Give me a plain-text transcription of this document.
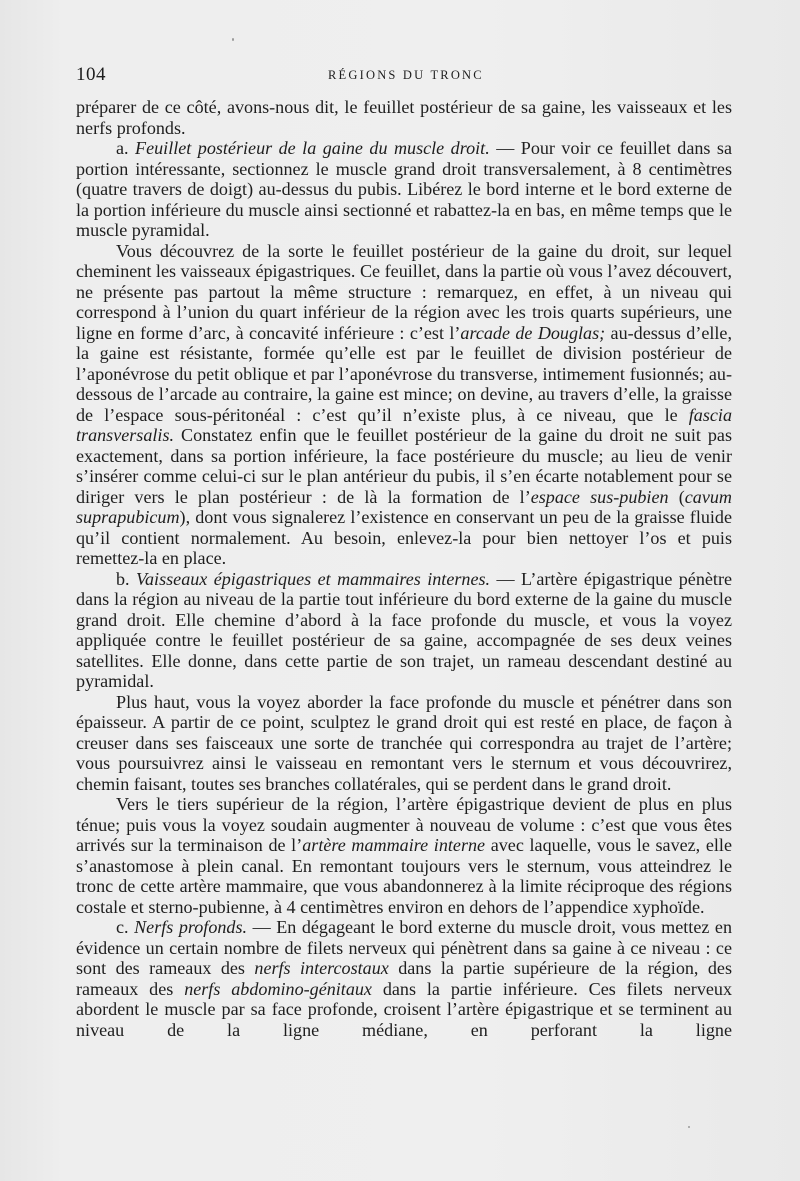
104	RÉGIONS DU TRONC

préparer de ce côté, avons-nous dit, le feuillet postérieur de sa gaine, les vaisseaux et les nerfs profonds.

a. Feuillet postérieur de la gaine du muscle droit. — Pour voir ce feuillet dans sa portion intéressante, sectionnez le muscle grand droit transversalement, à 8 centimètres (quatre travers de doigt) au-dessus du pubis. Libérez le bord interne et le bord externe de la portion inférieure du muscle ainsi sectionné et rabattez-la en bas, en même temps que le muscle pyramidal.

Vous découvrez de la sorte le feuillet postérieur de la gaine du droit, sur lequel cheminent les vaisseaux épigastriques. Ce feuillet, dans la partie où vous l’avez découvert, ne présente pas partout la même structure : remarquez, en effet, à un niveau qui correspond à l’union du quart inférieur de la région avec les trois quarts supérieurs, une ligne en forme d’arc, à concavité inférieure : c’est l’arcade de Douglas; au-dessus d’elle, la gaine est résistante, formée qu’elle est par le feuillet de division postérieur de l’aponévrose du petit oblique et par l’aponévrose du transverse, intimement fusionnés; au-dessous de l’arcade au contraire, la gaine est mince; on devine, au travers d’elle, la graisse de l’espace sous-péritonéal : c’est qu’il n’existe plus, à ce niveau, que le fascia transversalis. Constatez enfin que le feuillet postérieur de la gaine du droit ne suit pas exactement, dans sa portion inférieure, la face postérieure du muscle; au lieu de venir s’insérer comme celui-ci sur le plan antérieur du pubis, il s’en écarte notablement pour se diriger vers le plan postérieur : de là la formation de l’espace sus-pubien (cavum suprapubicum), dont vous signalerez l’existence en conservant un peu de la graisse fluide qu’il contient normalement. Au besoin, enlevez-la pour bien nettoyer l’os et puis remettez-la en place.

b. Vaisseaux épigastriques et mammaires internes. — L’artère épigastrique pénètre dans la région au niveau de la partie tout inférieure du bord externe de la gaine du muscle grand droit. Elle chemine d’abord à la face profonde du muscle, et vous la voyez appliquée contre le feuillet postérieur de sa gaine, accompagnée de ses deux veines satellites. Elle donne, dans cette partie de son trajet, un rameau descendant destiné au pyramidal.

Plus haut, vous la voyez aborder la face profonde du muscle et pénétrer dans son épaisseur. A partir de ce point, sculptez le grand droit qui est resté en place, de façon à creuser dans ses faisceaux une sorte de tranchée qui correspondra au trajet de l’artère; vous poursuivrez ainsi le vaisseau en remontant vers le sternum et vous découvrirez, chemin faisant, toutes ses branches collatérales, qui se perdent dans le grand droit.

Vers le tiers supérieur de la région, l’artère épigastrique devient de plus en plus ténue; puis vous la voyez soudain augmenter à nouveau de volume : c’est que vous êtes arrivés sur la terminaison de l’artère mammaire interne avec laquelle, vous le savez, elle s’anastomose à plein canal. En remontant toujours vers le sternum, vous atteindrez le tronc de cette artère mammaire, que vous abandonnerez à la limite réciproque des régions costale et sterno-pubienne, à 4 centimètres environ en dehors de l’appendice xyphoïde.

c. Nerfs profonds. — En dégageant le bord externe du muscle droit, vous mettez en évidence un certain nombre de filets nerveux qui pénètrent dans sa gaine à ce niveau : ce sont des rameaux des nerfs intercostaux dans la partie supérieure de la région, des rameaux des nerfs abdomino-génitaux dans la partie inférieure. Ces filets nerveux abordent le muscle par sa face profonde, croisent l’artère épigastrique et se terminent au niveau de la ligne médiane, en perforant la ligne
